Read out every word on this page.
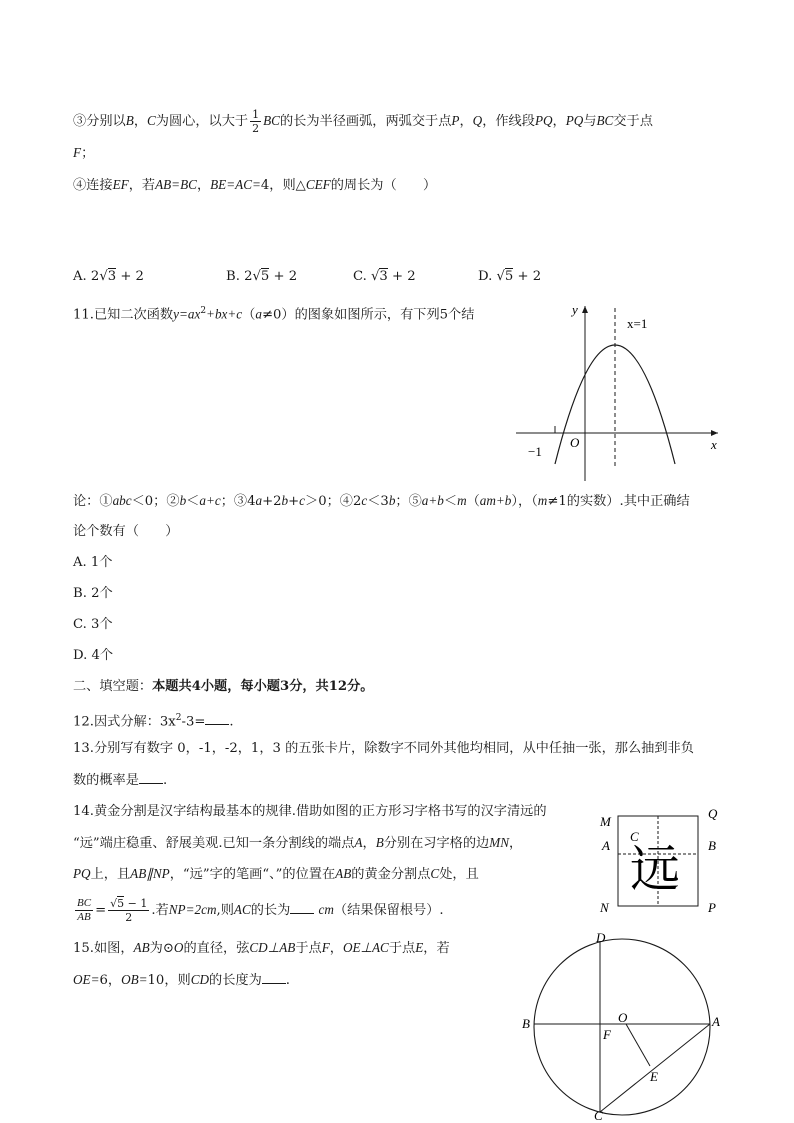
③分别以B，C为圆心，以大于 $\frac{1}{2}$ BC的长为半径画弧，两弧交于点P，Q，作线段PQ，PQ与BC交于点
F；
④连接EF，若AB=BC，BE=AC=4，则△CEF的周长为（　　）
A. 2√3 + 2	B. 2√5 + 2	C. √3 + 2	D. √5 + 2
11.已知二次函数$y=ax^2+bx+c(a\ne 0)$的图象如图所示，有下列5个结	y
x
x=1
−1
O
论：①abc＜0；②b＜a+c；③4a+2b+c＞0；④2c＜3b；⑤a+b＜m（am+b），（m≠1的实数）.其中正确结
论个数有（　　）
A. 1个
B. 2个
C. 3个
D. 4个
二、填空题：本题共4小题，每小题3分，共12分。
12.因式分解：$3x^2-3=$ .
13.分别写有数字 0，-1，-2，1，3 的五张卡片，除数字不同外其他均相同，从中任抽一张，那么抽到非负
数的概率是 .
14.黄金分割是汉字结构最基本的规律.借助如图的正方形习字格书写的汉字清远的
“远”端庄稳重、舒展美观.已知一条分割线的端点A，B分别在习字格的边MN，
PQ上，且AB∥NP，“远”字的笔画“、”的位置在AB的黄金分割点C处，且
$\frac{BC}{AB} = \frac{√5 - 1}{2}$ .若NP=2cm,则AC的长为 cm（结果保留根号）.
远
M
Q
A	B
C
N	P
15.如图，AB为⊙O的直径，弦CD⊥AB于点F，OE⊥AC于点E，若
OE=6，OB=10，则CD的长度为 .
D
B	O	A
F
E
C
